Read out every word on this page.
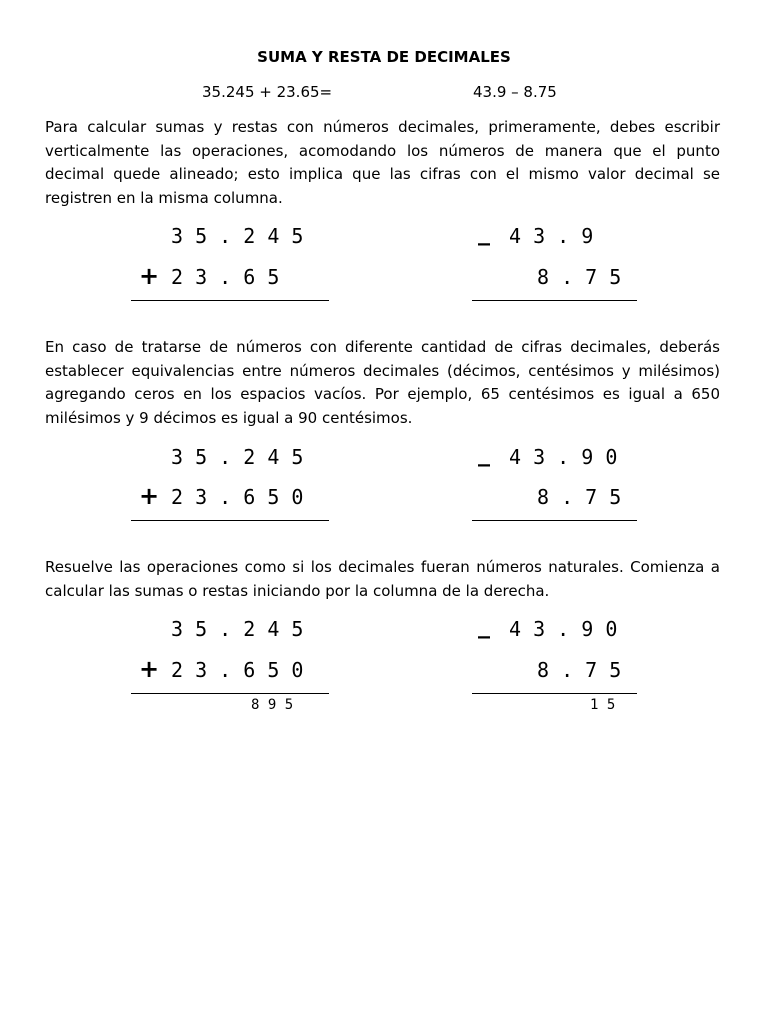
SUMA Y RESTA DE DECIMALES
35.245 + 23.65=	43.9 – 8.75

Para calcular sumas y restas con números decimales, primeramente, debes escribir verticalmente las operaciones, acomodando los números de manera que el punto decimal quede alineado; esto implica que las cifras con el mismo valor decimal se registren en la misma columna.

3 5 . 2 4 5
+ 2 3 . 6 5
_ 4 3 . 9
8 . 7 5

En caso de tratarse de números con diferente cantidad de cifras decimales, deberás establecer equivalencias entre números decimales (décimos, centésimos y milésimos) agregando ceros en los espacios vacíos. Por ejemplo, 65 centésimos es igual a 650 milésimos y 9 décimos es igual a 90 centésimos.

3 5 . 2 4 5
+ 2 3 . 6 5 0
_ 4 3 . 9 0
8 . 7 5

Resuelve las operaciones como si los decimales fueran números naturales. Comienza a calcular las sumas o restas iniciando por la columna de la derecha.

3 5 . 2 4 5
+ 2 3 . 6 5 0
8 9 5
_ 4 3 . 9 0
8 . 7 5
1 5
